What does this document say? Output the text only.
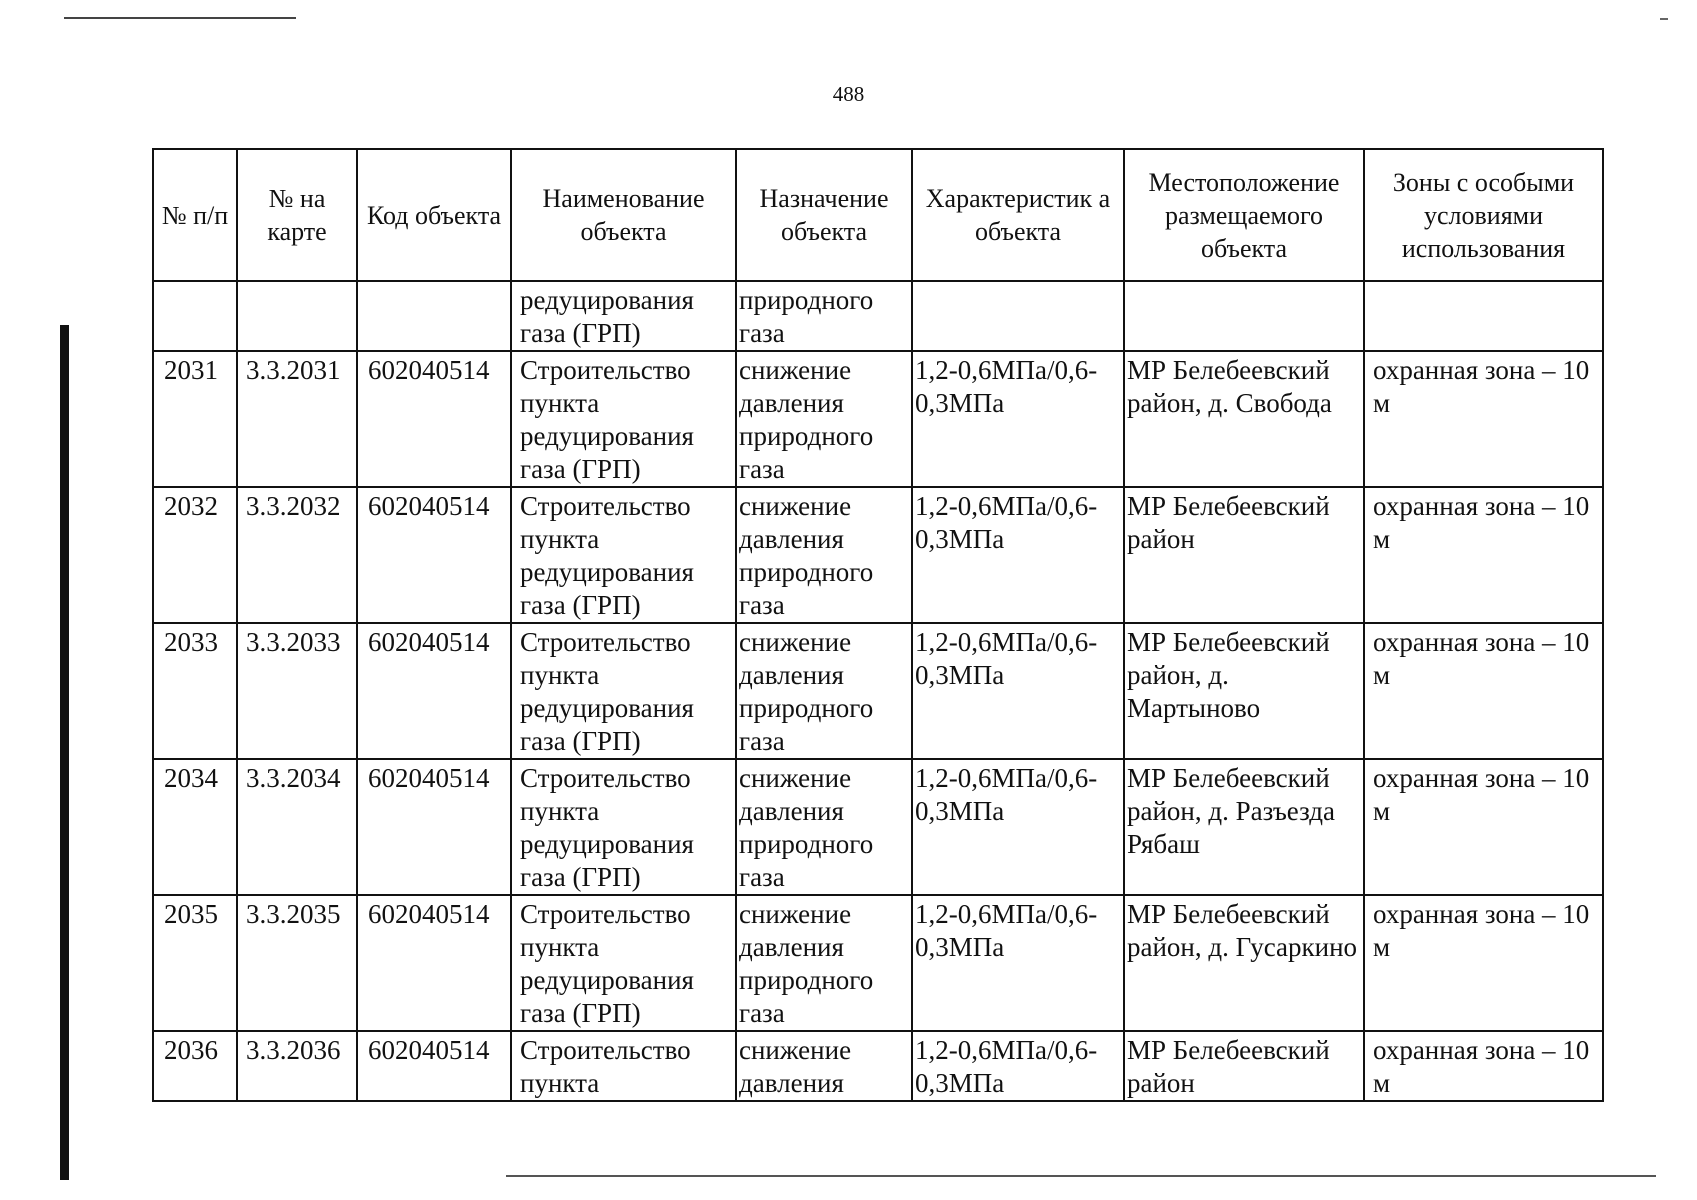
488
№ п/п	№ на карте	Код объекта	Наименование объекта	Назначение объекта	Характеристик а объекта	Местоположение размещаемого объекта	Зоны с особыми условиями использования
			редуцирования газа (ГРП)	природного газа			
2031	3.3.2031	602040514	Строительство пункта редуцирования газа (ГРП)	снижение давления природного газа	1,2-0,6МПа/0,6-0,3МПа	МР Белебеевский район, д. Свобода	охранная зона – 10 м
2032	3.3.2032	602040514	Строительство пункта редуцирования газа (ГРП)	снижение давления природного газа	1,2-0,6МПа/0,6-0,3МПа	МР Белебеевский район	охранная зона – 10 м
2033	3.3.2033	602040514	Строительство пункта редуцирования газа (ГРП)	снижение давления природного газа	1,2-0,6МПа/0,6-0,3МПа	МР Белебеевский район, д. Мартыново	охранная зона – 10 м
2034	3.3.2034	602040514	Строительство пункта редуцирования газа (ГРП)	снижение давления природного газа	1,2-0,6МПа/0,6-0,3МПа	МР Белебеевский район, д. Разъезда Рябаш	охранная зона – 10 м
2035	3.3.2035	602040514	Строительство пункта редуцирования газа (ГРП)	снижение давления природного газа	1,2-0,6МПа/0,6-0,3МПа	МР Белебеевский район, д. Гусаркино	охранная зона – 10 м
2036	3.3.2036	602040514	Строительство пункта	снижение давления	1,2-0,6МПа/0,6-0,3МПа	МР Белебеевский район	охранная зона – 10 м
